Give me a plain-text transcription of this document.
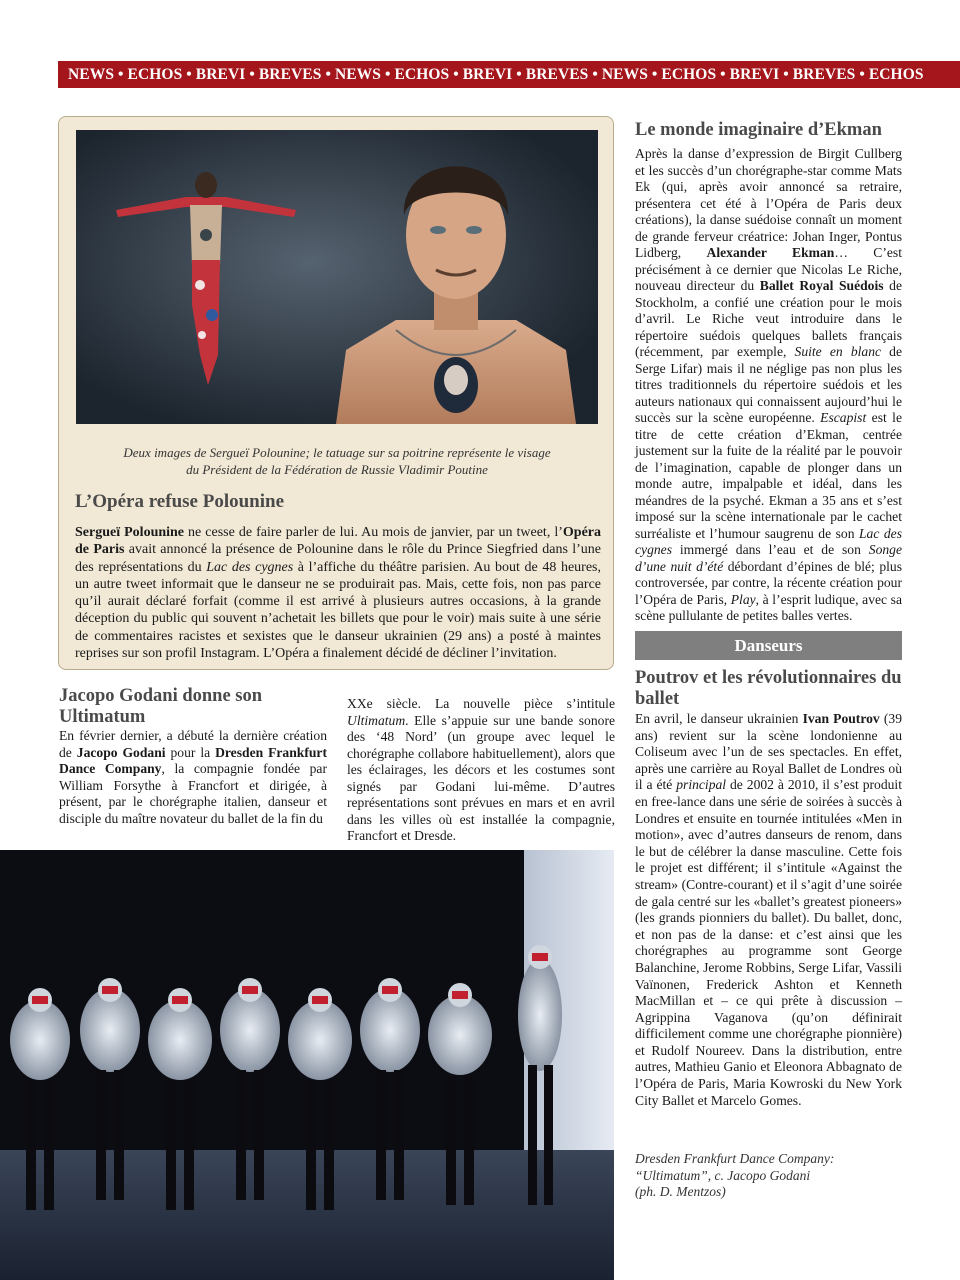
NEWS • ECHOS • BREVI • BREVES • NEWS • ECHOS • BREVI • BREVES • NEWS • ECHOS • BREVI • BREVES • ECHOS
Deux images de Sergueï Polounine; le tatuage sur sa poitrine représente le visage
du Président de la Fédération de Russie Vladimir Poutine
L’Opéra refuse Polounine
Sergueï Polounine ne cesse de faire parler de lui. Au mois de janvier, par un tweet, l’Opéra de Paris avait annoncé la présence de Polounine dans le rôle du Prince Siegfried dans l’une des représentations du Lac des cygnes à l’affiche du théâtre parisien. Au bout de 48 heures, un autre tweet informait que le danseur ne se produirait pas. Mais, cette fois, non pas parce qu’il aurait déclaré forfait (comme il est arrivé à plusieurs autres occasions, à la grande déception du public qui souvent n’achetait les billets que pour le voir) mais suite à une série de commentaires racistes et sexistes que le danseur ukrainien (29 ans) a posté à maintes reprises sur son profil Instagram. L’Opéra a finalement décidé de décliner l’invitation.
Le monde imaginaire d’Ekman
Après la danse d’expression de Birgit Cullberg et les succès d’un chorégraphe-star comme Mats Ek (qui, après avoir annoncé sa retraire, présentera cet été à l’Opéra de Paris deux créations), la danse suédoise connaît un moment de grande ferveur créatrice: Johan Inger, Pontus Lidberg, Alexander Ekman… C’est précisément à ce dernier que Nicolas Le Riche, nouveau directeur du Ballet Royal Suédois de Stockholm, a confié une création pour le mois d’avril. Le Riche veut introduire dans le répertoire suédois quelques ballets français (récemment, par exemple, Suite en blanc de Serge Lifar) mais il ne néglige pas non plus les titres traditionnels du répertoire suédois et les auteurs nationaux qui connaissent aujourd’hui le succès sur la scène européenne. Escapist est le titre de cette création d’Ekman, centrée justement sur la fuite de la réalité par le pouvoir de l’imagination, capable de plonger dans un monde autre, impalpable et idéal, dans les méandres de la psyché. Ekman a 35 ans et s’est imposé sur la scène internationale par le cachet surréaliste et l’humour saugrenu de son Lac des cygnes immergé dans l’eau et de son Songe d’une nuit d’été débordant d’épines de blé; plus controversée, par contre, la récente création pour l’Opéra de Paris, Play, à l’esprit ludique, avec sa scène pullulante de petites balles vertes.
Danseurs
Poutrov et les révolutionnaires du ballet
En avril, le danseur ukrainien Ivan Poutrov (39 ans) revient sur la scène londonienne au Coliseum avec l’un de ses spectacles. En effet, après une carrière au Royal Ballet de Londres où il a été principal de 2002 à 2010, il s’est produit en free-lance dans une série de soirées à succès à Londres et ensuite en tournée intitulées «Men in motion», avec d’autres danseurs de renom, dans le but de célébrer la danse masculine. Cette fois le projet est différent; il s’intitule «Against the stream» (Contre-courant) et il s’agit d’une soirée de gala centré sur les «ballet’s greatest pioneers» (les grands pionniers du ballet). Du ballet, donc, et non pas de la danse: et c’est ainsi que les chorégraphes au programme sont George Balanchine, Jerome Robbins, Serge Lifar, Vassili Vaïnonen, Frederick Ashton et Kenneth MacMillan et – ce qui prête à discussion – Agrippina Vaganova (qu’on définirait difficilement comme une chorégraphe pionnière) et Rudolf Noureev. Dans la distribution, entre autres, Mathieu Ganio et Eleonora Abbagnato de l’Opéra de Paris, Maria Kowroski du New York City Ballet et Marcelo Gomes.
Dresden Frankfurt Dance Company:
“Ultimatum”, c. Jacopo Godani
(ph. D. Mentzos)
Jacopo Godani donne son Ultimatum
En février dernier, a débuté la dernière création de Jacopo Godani pour la Dresden Frankfurt Dance Company, la compagnie fondée par William Forsythe à Francfort et dirigée, à présent, par le chorégraphe italien, danseur et disciple du maître novateur du ballet de la fin du
XXe siècle. La nouvelle pièce s’intitule Ultimatum. Elle s’appuie sur une bande sonore des ‘48 Nord’ (un groupe avec lequel le chorégraphe collabore habituellement), alors que les éclairages, les décors et les costumes sont signés par Godani lui-même. D’autres représentations sont prévues en mars et en avril dans les villes où est installée la compagnie, Francfort et Dresde.
